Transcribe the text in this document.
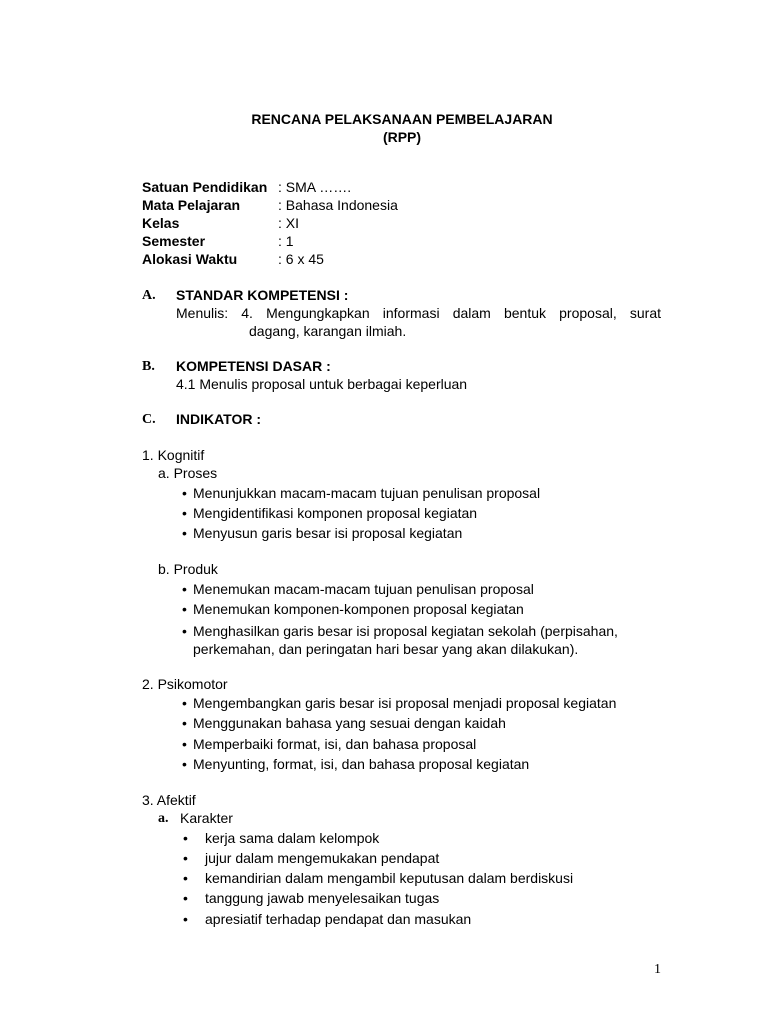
RENCANA PELAKSANAAN PEMBELAJARAN
(RPP)
Satuan Pendidikan : SMA …….
Mata Pelajaran	: Bahasa Indonesia
Kelas	: XI
Semester	: 1
Alokasi Waktu	: 6 x 45
A. STANDAR KOMPETENSI :
Menulis: 4. Mengungkapkan informasi dalam bentuk proposal, surat
dagang, karangan ilmiah.
B. KOMPETENSI DASAR :
4.1 Menulis proposal untuk berbagai keperluan
C. INDIKATOR :
1. Kognitif
a. Proses
• Menunjukkan macam-macam tujuan penulisan proposal
• Mengidentifikasi komponen proposal kegiatan
• Menyusun garis besar isi proposal kegiatan
b. Produk
• Menemukan macam-macam tujuan penulisan proposal
• Menemukan komponen-komponen proposal kegiatan
• Menghasilkan garis besar isi proposal kegiatan sekolah (perpisahan,
perkemahan, dan peringatan hari besar yang akan dilakukan).
2. Psikomotor
• Mengembangkan garis besar isi proposal menjadi proposal kegiatan
• Menggunakan bahasa yang sesuai dengan kaidah
• Memperbaiki format, isi, dan bahasa proposal
• Menyunting, format, isi, dan bahasa proposal kegiatan
3. Afektif
a. Karakter
• kerja sama dalam kelompok
• jujur dalam mengemukakan pendapat
• kemandirian dalam mengambil keputusan dalam berdiskusi
• tanggung jawab menyelesaikan tugas
• apresiatif terhadap pendapat dan masukan
1
